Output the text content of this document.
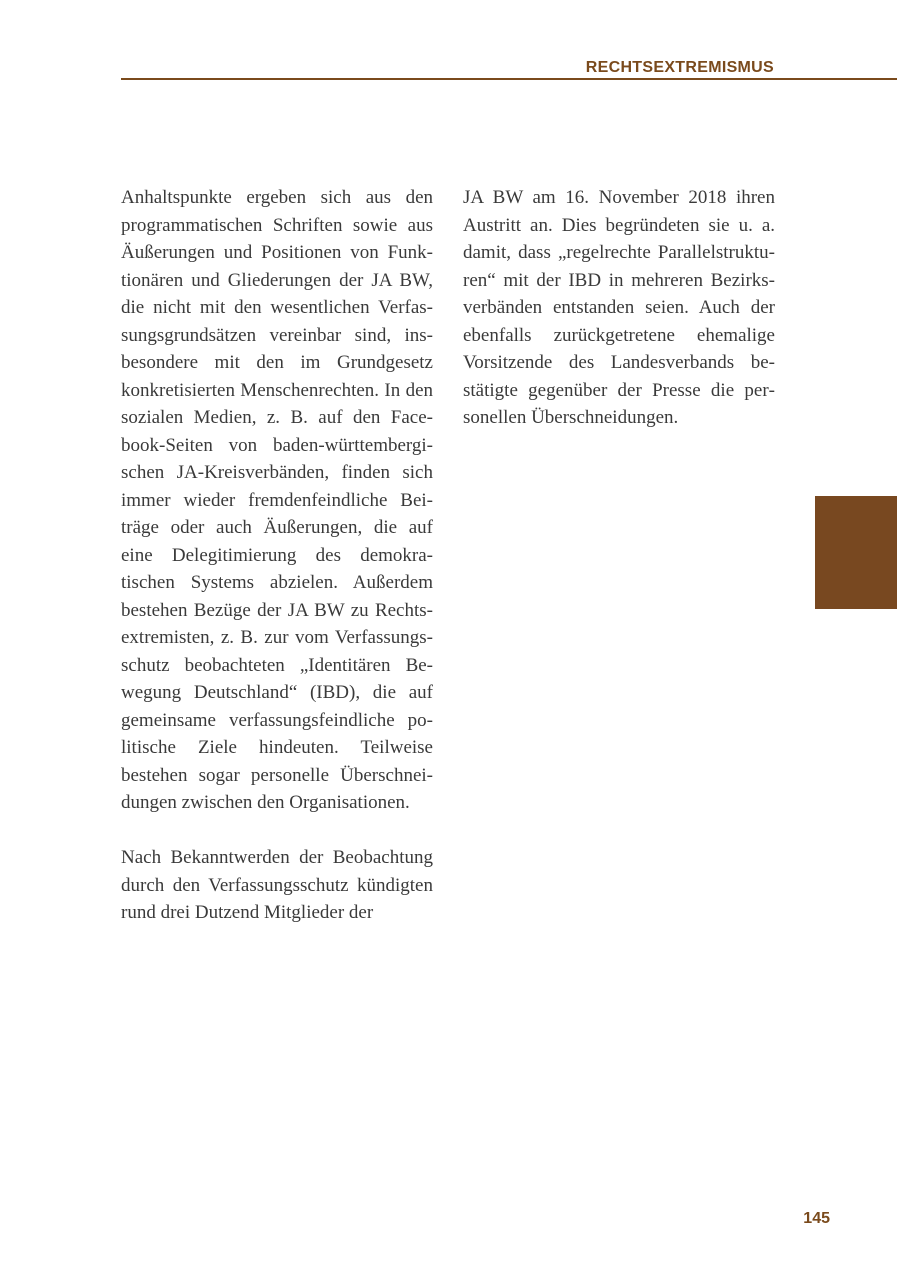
RECHTSEXTREMISMUS

Anhaltspunkte ergeben sich aus den programmatischen Schriften sowie aus Äußerungen und Positionen von Funktionären und Gliederungen der JA BW, die nicht mit den wesentlichen Verfassungsgrundsätzen vereinbar sind, insbesondere mit den im Grundgesetz konkretisierten Menschenrechten. In den sozialen Medien, z. B. auf den Facebook-Seiten von baden-württembergischen JA-Kreisverbänden, finden sich immer wieder fremdenfeindliche Beiträge oder auch Äußerungen, die auf eine Delegitimierung des demokratischen Systems abzielen. Außerdem bestehen Bezüge der JA BW zu Rechtsextremisten, z. B. zur vom Verfassungsschutz beobachteten „Identitären Bewegung Deutschland“ (IBD), die auf gemeinsame verfassungsfeindliche politische Ziele hindeuten. Teilweise bestehen sogar personelle Überschneidungen zwischen den Organisationen.

Nach Bekanntwerden der Beobachtung durch den Verfassungsschutz kündigten rund drei Dutzend Mitglieder der

JA BW am 16. November 2018 ihren Austritt an. Dies begründeten sie u. a. damit, dass „regelrechte Parallelstrukturen“ mit der IBD in mehreren Bezirksverbänden entstanden seien. Auch der ebenfalls zurückgetretene ehemalige Vorsitzende des Landesverbands bestätigte gegenüber der Presse die personellen Überschneidungen.

145
